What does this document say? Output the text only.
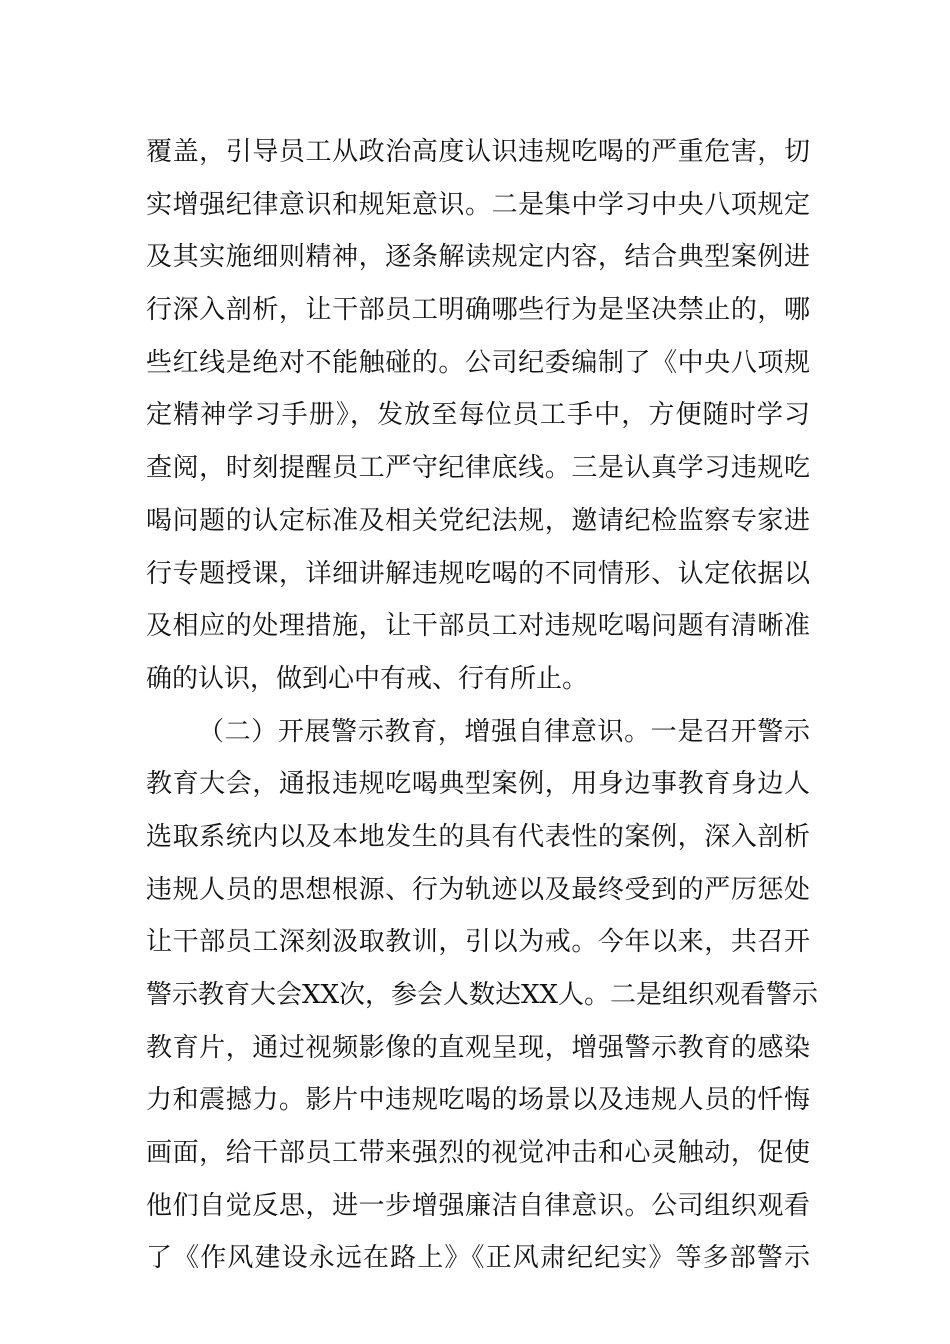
覆盖，引导员工从政治高度认识违规吃喝的严重危害，切
实增强纪律意识和规矩意识。二是集中学习中央八项规定
及其实施细则精神，逐条解读规定内容，结合典型案例进
行深入剖析，让干部员工明确哪些行为是坚决禁止的，哪
些红线是绝对不能触碰的。公司纪委编制了《中央八项规
定精神学习手册》，发放至每位员工手中，方便随时学习
查阅，时刻提醒员工严守纪律底线。三是认真学习违规吃
喝问题的认定标准及相关党纪法规，邀请纪检监察专家进
行专题授课，详细讲解违规吃喝的不同情形、认定依据以
及相应的处理措施，让干部员工对违规吃喝问题有清晰准
确的认识，做到心中有戒、行有所止。
（二）开展警示教育，增强自律意识。一是召开警示
教育大会，通报违规吃喝典型案例，用身边事教育身边人
选取系统内以及本地发生的具有代表性的案例，深入剖析
违规人员的思想根源、行为轨迹以及最终受到的严厉惩处
让干部员工深刻汲取教训，引以为戒。今年以来，共召开
警示教育大会XX次，参会人数达XX人。二是组织观看警示
教育片，通过视频影像的直观呈现，增强警示教育的感染
力和震撼力。影片中违规吃喝的场景以及违规人员的忏悔
画面，给干部员工带来强烈的视觉冲击和心灵触动，促使
他们自觉反思，进一步增强廉洁自律意识。公司组织观看
了《作风建设永远在路上》《正风肃纪纪实》等多部警示
